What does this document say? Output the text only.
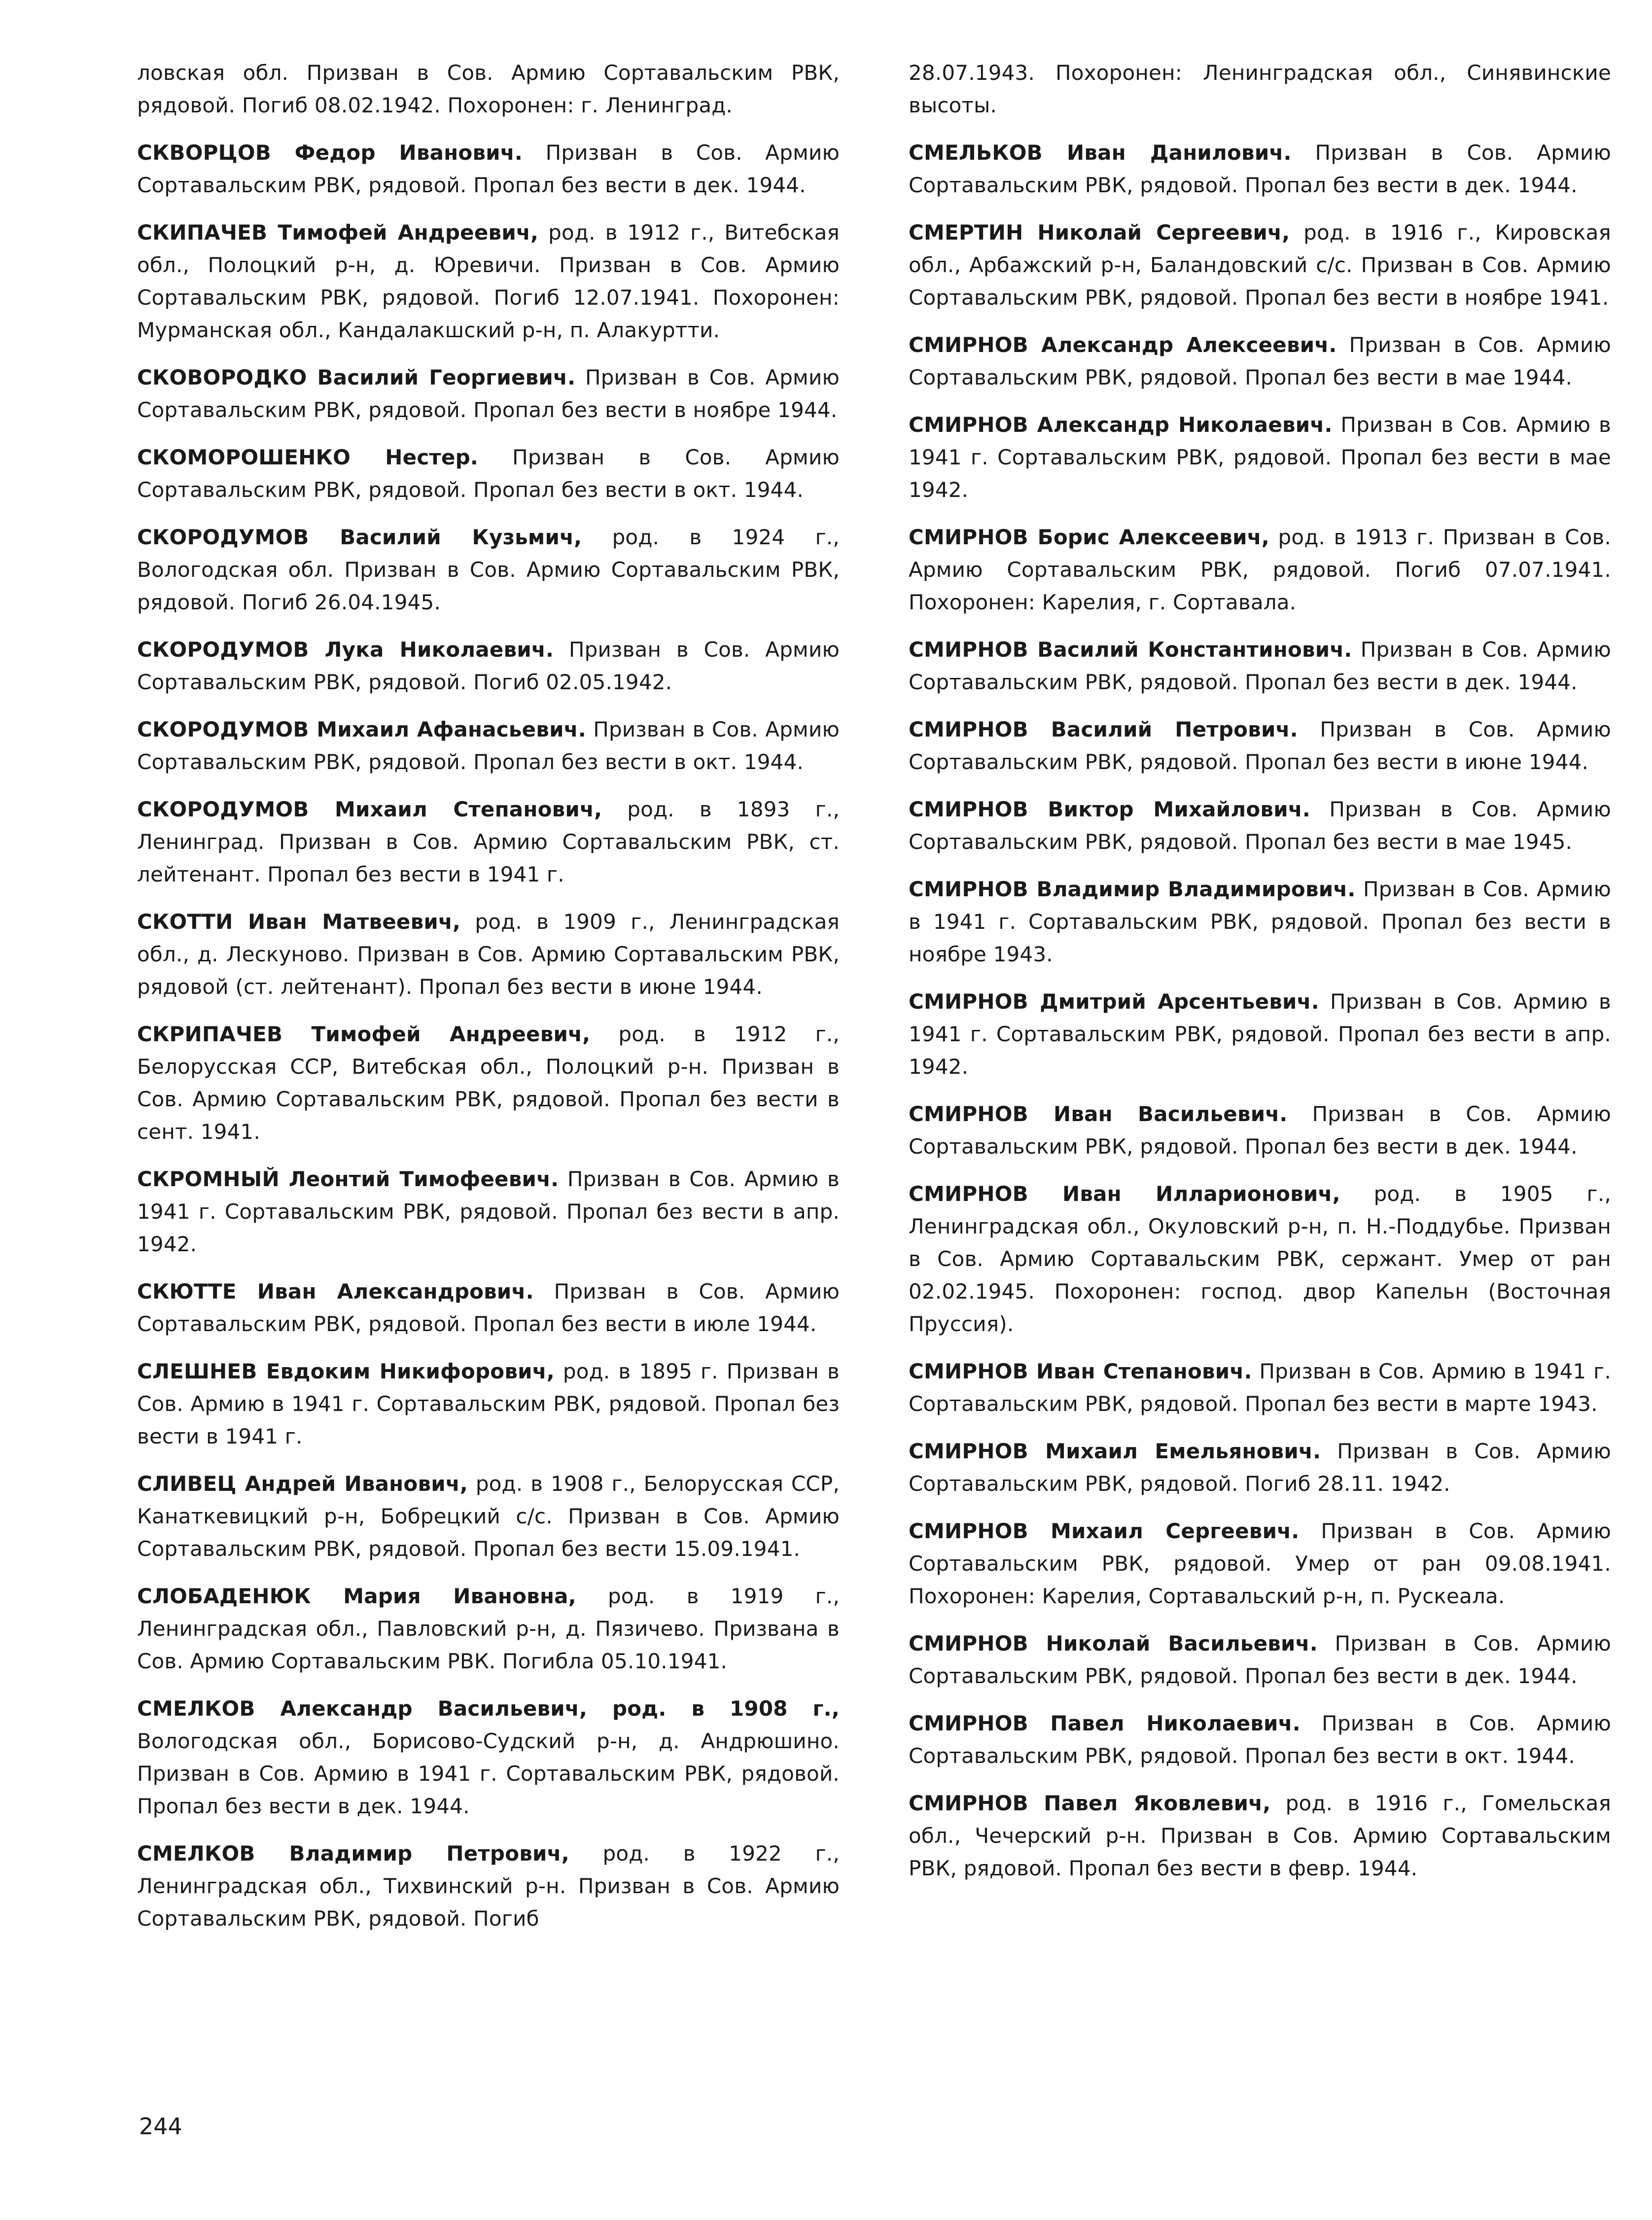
ловская обл. Призван в Сов. Армию Сортавальским РВК, рядовой. Погиб 08.02.1942. Похоронен: г. Ленинград.

СКВОРЦОВ Федор Иванович. Призван в Сов. Армию Сортавальским РВК, рядовой. Пропал без вести в дек. 1944.

СКИПАЧЕВ Тимофей Андреевич, род. в 1912 г., Витебская обл., Полоцкий р-н, д. Юревичи. Призван в Сов. Армию Сортавальским РВК, рядовой. Погиб 12.07.1941. Похоронен: Мурманская обл., Кандалакшский р-н, п. Алакуртти.

СКОВОРОДКО Василий Георгиевич. Призван в Сов. Армию Сортавальским РВК, рядовой. Пропал без вести в ноябре 1944.

СКОМОРОШЕНКО Нестер. Призван в Сов. Армию Сортавальским РВК, рядовой. Пропал без вести в окт. 1944.

СКОРОДУМОВ Василий Кузьмич, род. в 1924 г., Вологодская обл. Призван в Сов. Армию Сортавальским РВК, рядовой. Погиб 26.04.1945.

СКОРОДУМОВ Лука Николаевич. Призван в Сов. Армию Сортавальским РВК, рядовой. Погиб 02.05.1942.

СКОРОДУМОВ Михаил Афанасьевич. Призван в Сов. Армию Сортавальским РВК, рядовой. Пропал без вести в окт. 1944.

СКОРОДУМОВ Михаил Степанович, род. в 1893 г., Ленинград. Призван в Сов. Армию Сортавальским РВК, ст. лейтенант. Пропал без вести в 1941 г.

СКОТТИ Иван Матвеевич, род. в 1909 г., Ленинградская обл., д. Лескуново. Призван в Сов. Армию Сортавальским РВК, рядовой (ст. лейтенант). Пропал без вести в июне 1944.

СКРИПАЧЕВ Тимофей Андреевич, род. в 1912 г., Белорусская ССР, Витебская обл., Полоцкий р-н. Призван в Сов. Армию Сортавальским РВК, рядовой. Пропал без вести в сент. 1941.

СКРОМНЫЙ Леонтий Тимофеевич. Призван в Сов. Армию в 1941 г. Сортавальским РВК, рядовой. Пропал без вести в апр. 1942.

СКЮТТЕ Иван Александрович. Призван в Сов. Армию Сортавальским РВК, рядовой. Пропал без вести в июле 1944.

СЛЕШНЕВ Евдоким Никифорович, род. в 1895 г. Призван в Сов. Армию в 1941 г. Сортавальским РВК, рядовой. Пропал без вести в 1941 г.

СЛИВЕЦ Андрей Иванович, род. в 1908 г., Белорусская ССР, Канаткевицкий р-н, Бобрецкий с/с. Призван в Сов. Армию Сортавальским РВК, рядовой. Пропал без вести 15.09.1941.

СЛОБАДЕНЮК Мария Ивановна, род. в 1919 г., Ленинградская обл., Павловский р-н, д. Пязичево. Призвана в Сов. Армию Сортавальским РВК. Погибла 05.10.1941.

СМЕЛКОВ Александр Васильевич, род. в 1908 г., Вологодская обл., Борисово-Судский р-н, д. Андрюшино. Призван в Сов. Армию в 1941 г. Сортавальским РВК, рядовой. Пропал без вести в дек. 1944.

СМЕЛКОВ Владимир Петрович, род. в 1922 г., Ленинградская обл., Тихвинский р-н. Призван в Сов. Армию Сортавальским РВК, рядовой. Погиб

28.07.1943. Похоронен: Ленинградская обл., Синявинские высоты.

СМЕЛЬКОВ Иван Данилович. Призван в Сов. Армию Сортавальским РВК, рядовой. Пропал без вести в дек. 1944.

СМЕРТИН Николай Сергеевич, род. в 1916 г., Кировская обл., Арбажский р-н, Баландовский с/с. Призван в Сов. Армию Сортавальским РВК, рядовой. Пропал без вести в ноябре 1941.

СМИРНОВ Александр Алексеевич. Призван в Сов. Армию Сортавальским РВК, рядовой. Пропал без вести в мае 1944.

СМИРНОВ Александр Николаевич. Призван в Сов. Армию в 1941 г. Сортавальским РВК, рядовой. Пропал без вести в мае 1942.

СМИРНОВ Борис Алексеевич, род. в 1913 г. Призван в Сов. Армию Сортавальским РВК, рядовой. Погиб 07.07.1941. Похоронен: Карелия, г. Сортавала.

СМИРНОВ Василий Константинович. Призван в Сов. Армию Сортавальским РВК, рядовой. Пропал без вести в дек. 1944.

СМИРНОВ Василий Петрович. Призван в Сов. Армию Сортавальским РВК, рядовой. Пропал без вести в июне 1944.

СМИРНОВ Виктор Михайлович. Призван в Сов. Армию Сортавальским РВК, рядовой. Пропал без вести в мае 1945.

СМИРНОВ Владимир Владимирович. Призван в Сов. Армию в 1941 г. Сортавальским РВК, рядовой. Пропал без вести в ноябре 1943.

СМИРНОВ Дмитрий Арсентьевич. Призван в Сов. Армию в 1941 г. Сортавальским РВК, рядовой. Пропал без вести в апр. 1942.

СМИРНОВ Иван Васильевич. Призван в Сов. Армию Сортавальским РВК, рядовой. Пропал без вести в дек. 1944.

СМИРНОВ Иван Илларионович, род. в 1905 г., Ленинградская обл., Окуловский р-н, п. Н.-Поддубье. Призван в Сов. Армию Сортавальским РВК, сержант. Умер от ран 02.02.1945. Похоронен: господ. двор Капельн (Восточная Пруссия).

СМИРНОВ Иван Степанович. Призван в Сов. Армию в 1941 г. Сортавальским РВК, рядовой. Пропал без вести в марте 1943.

СМИРНОВ Михаил Емельянович. Призван в Сов. Армию Сортавальским РВК, рядовой. Погиб 28.11. 1942.

СМИРНОВ Михаил Сергеевич. Призван в Сов. Армию Сортавальским РВК, рядовой. Умер от ран 09.08.1941. Похоронен: Карелия, Сортавальский р-н, п. Рускеала.

СМИРНОВ Николай Васильевич. Призван в Сов. Армию Сортавальским РВК, рядовой. Пропал без вести в дек. 1944.

СМИРНОВ Павел Николаевич. Призван в Сов. Армию Сортавальским РВК, рядовой. Пропал без вести в окт. 1944.

СМИРНОВ Павел Яковлевич, род. в 1916 г., Гомельская обл., Чечерский р-н. Призван в Сов. Армию Сортавальским РВК, рядовой. Пропал без вести в февр. 1944.

244
